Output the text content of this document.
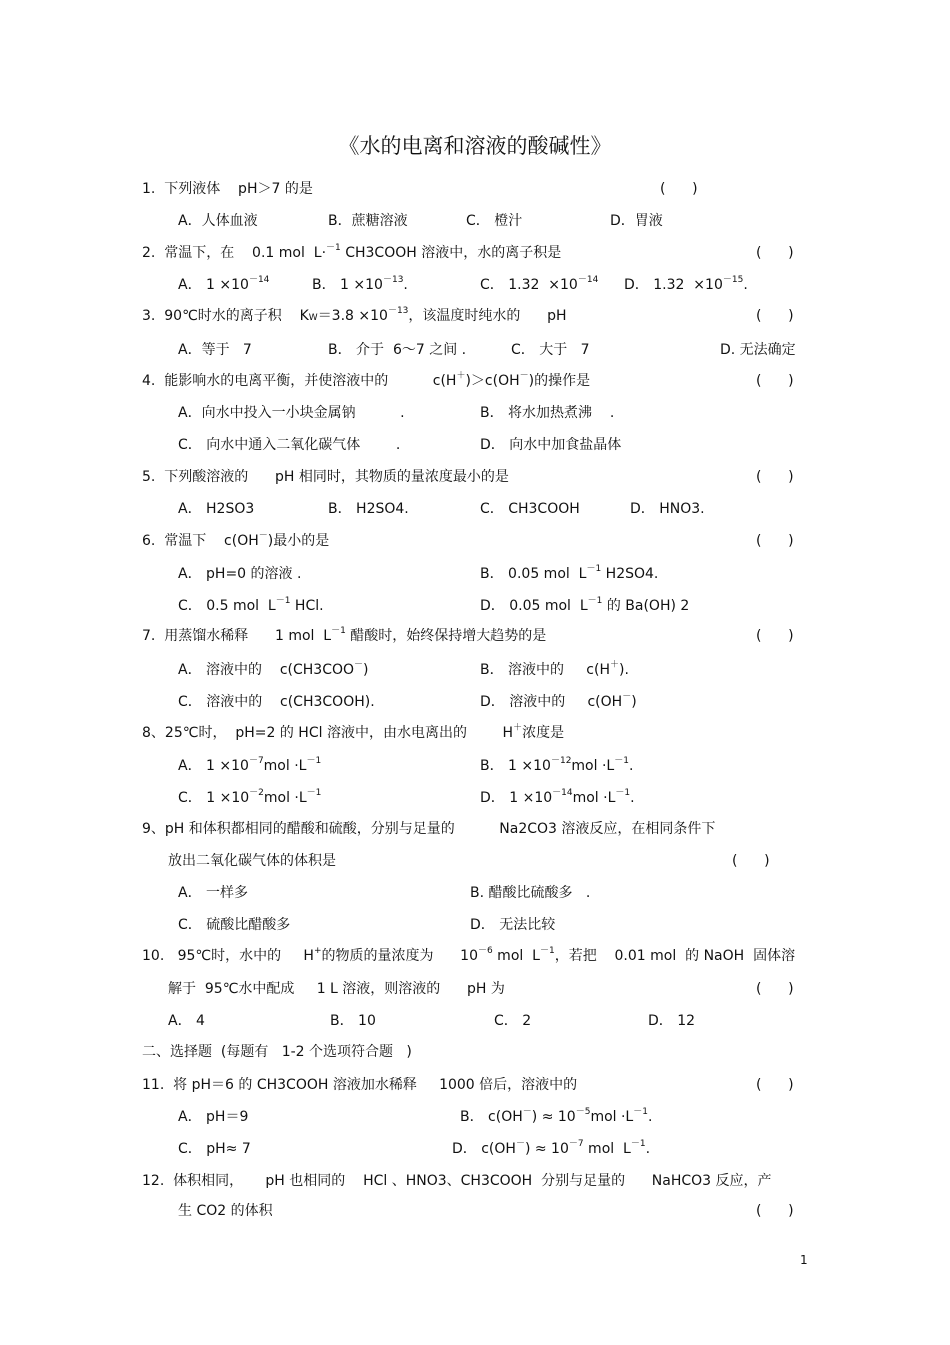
《水的电离和溶液的酸碱性》
1.  下列液体    pH＞7 的是	(      )
A．人体血液	B．蔗糖溶液	C． 橙汁	D．胃液
2.  常温下，在    0.1 mol  L·$^{-1}$ CH3COOH 溶液中，水的离子积是	(      )
A． $1 \times 10^{-14}$	B． $1 \times 10^{-13}$.	C． $1.32 \times 10^{-14}$ D． $1.32 \times 10^{-15}$.
3.  90℃时水的离子积    $K_W=3.8 \times 10^{-13}$，该温度时纯水的      pH	(      )
A．等于   7	B． 介于  6～7 之间 .	C． 大于   7	D. 无法确定
4.  能影响水的电离平衡，并使溶液中的          c(H＋)＞c(OH－)的操作是	(      )
A．向水中投入一小块金属钠          .	B． 将水加热煮沸    .
C． 向水中通入二氧化碳气体        .	D． 向水中加食盐晶体
5.  下列酸溶液的      pH 相同时，其物质的量浓度最小的是	(      )
A． H2SO3	B． H2SO4.	C． CH3COOH	D． HNO3.
6.  常温下    c(OH－)最小的是	(      )
A． pH=0 的溶液 .	B． 0.05 mol  $L^{-1}$ H2SO4.
C． 0.5 mol  $L^{-1}$ HCl.	D． 0.05 mol  $L^{-1}$ 的 Ba(OH) 2
7.  用蒸馏水稀释      1 mol  $L^{-1}$ 醋酸时，始终保持增大趋势的是	(      )
A． 溶液中的    c(CH3COO－)	B． 溶液中的     c(H＋).
C． 溶液中的    c(CH3COOH).	D． 溶液中的     c(OH－)
8、25℃时，  pH=2 的 HCl 溶液中，由水电离出的        H＋浓度是
A． $1 \times 10^{-7}mol \cdot L^{-1}$	B． $1 \times 10^{-12}mol \cdot L^{-1}$.
C． $1 \times 10^{-2}mol \cdot L^{-1}$	D． $1 \times 10^{-14}mol \cdot L^{-1}$.
9、pH 和体积都相同的醋酸和硫酸，分别与足量的          Na2CO3 溶液反应，在相同条件下
放出二氧化碳气体的体积是	(      )
A． 一样多	B. 醋酸比硫酸多   .
C． 硫酸比醋酸多	D． 无法比较
10.   95℃时，水中的     H+的物质的量浓度为      $10^{-6}$ mol  $L^{-1}$，若把    0.01 mol  的 NaOH  固体溶
解于  95℃水中配成     1 L 溶液，则溶液的      pH 为	(      )
A． 4	B． 10	C． 2	D． 12
二、选择题  (每题有   1-2 个选项符合题   )
11.  将 pH＝6 的 CH3COOH 溶液加水稀释     1000 倍后，溶液中的	(      )
A． pH＝9	B． $c(OH^-) \approx 10^{-5}mol \cdot L^{-1}$.
C． pH≈ 7	D． $c(OH^-) \approx 10^{-7}$ mol  $L^{-1}$.
12.  体积相同，     pH 也相同的    HCl 、HNO3、CH3COOH  分别与足量的      NaHCO3 反应，产
生 CO2 的体积	(      )
1
